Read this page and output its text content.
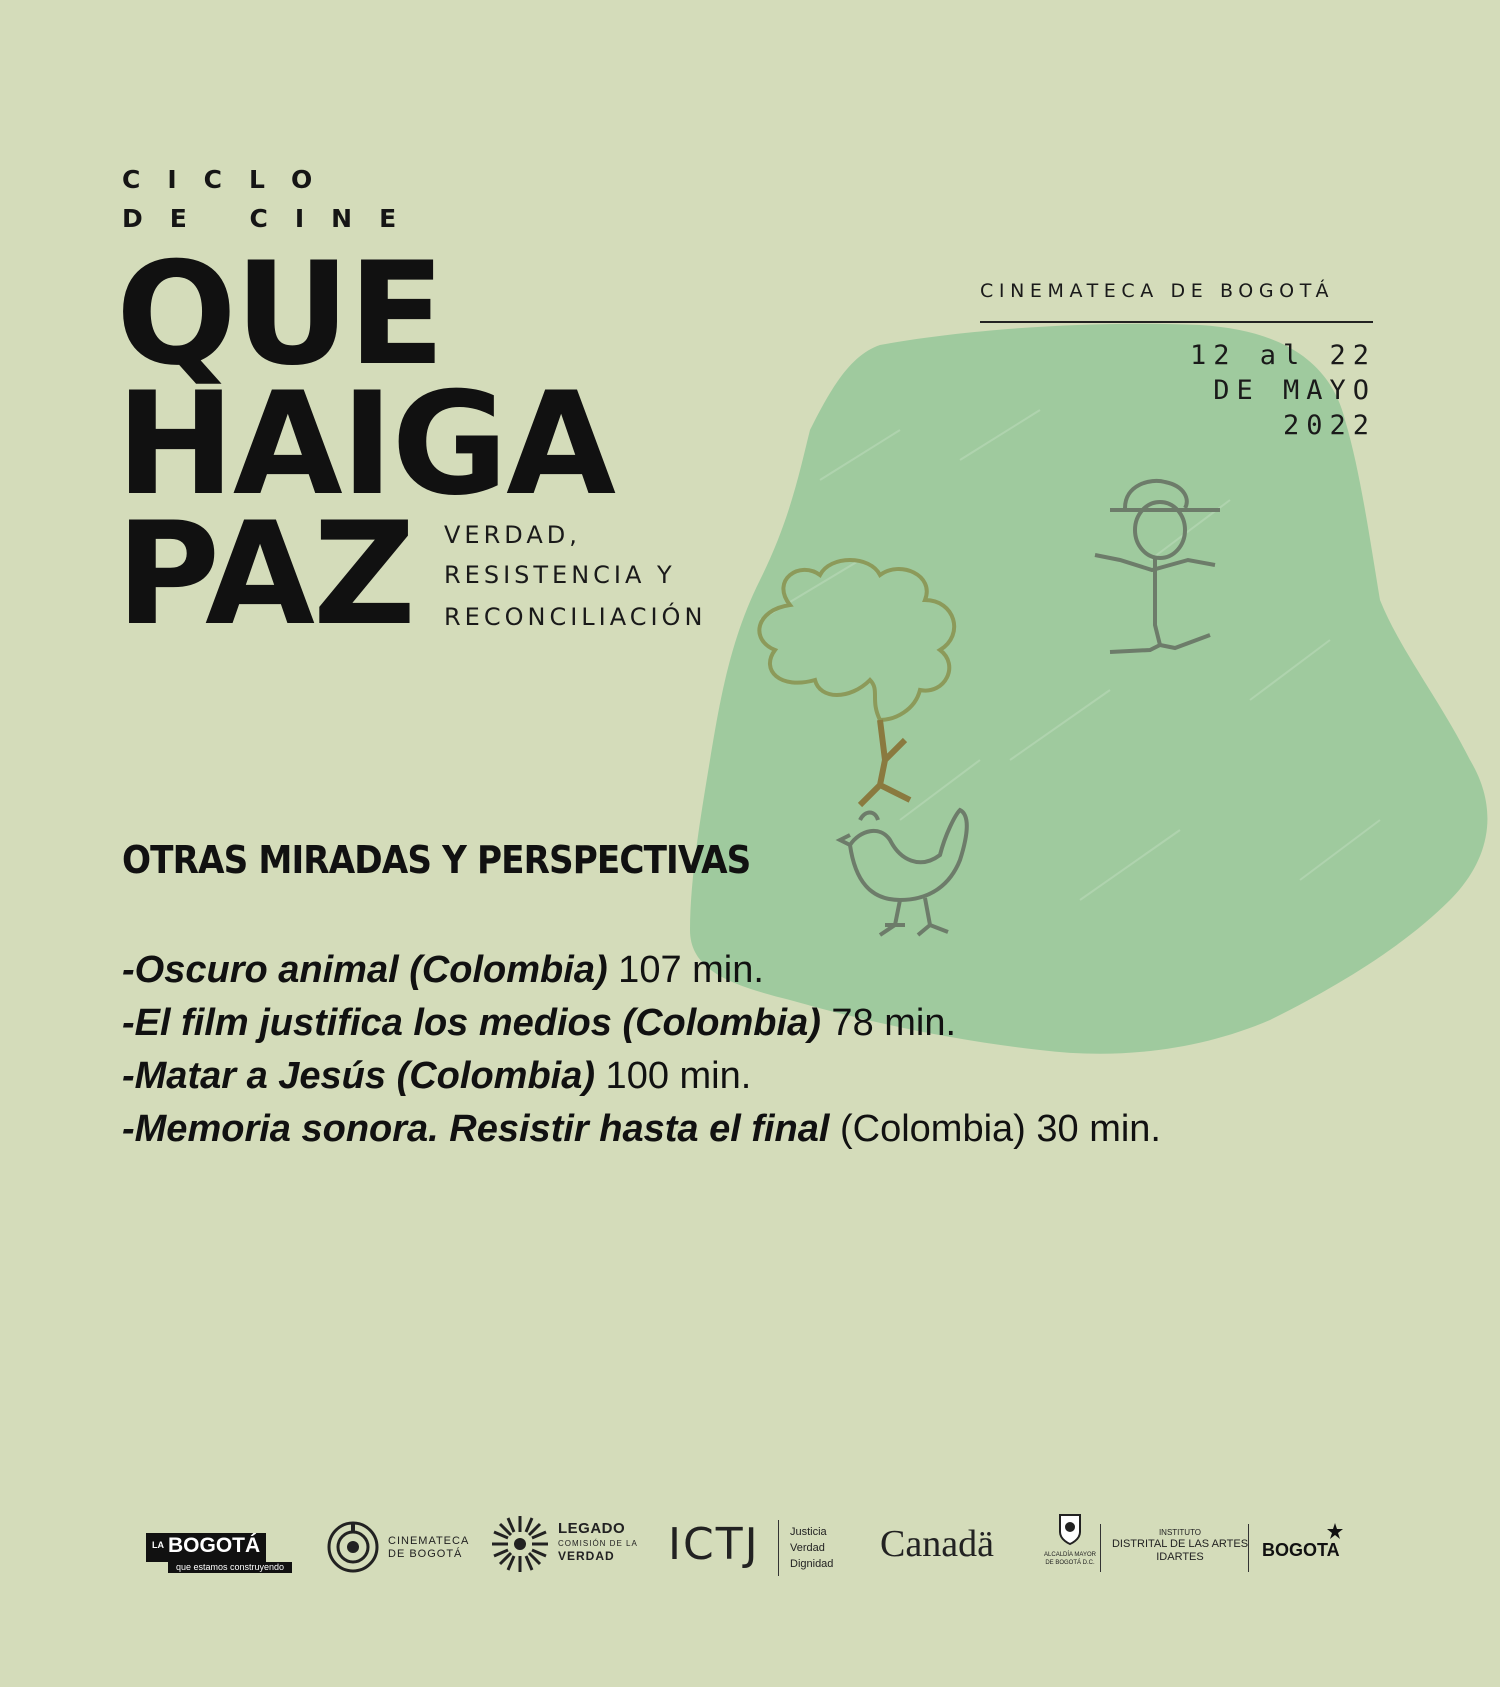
CICLO
DE CINE
QUE
HAIGA
PAZ VERDAD,
RESISTENCIA Y
RECONCILIACIÓN
CINEMATECA DE BOGOTÁ
12 al 22
DE MAYO
2022
OTRAS MIRADAS Y PERSPECTIVAS
-Oscuro animal (Colombia) 107 min.
-El film justifica los medios (Colombia) 78 min.
-Matar a Jesús (Colombia) 100 min.
-Memoria sonora. Resistir hasta el final (Colombia) 30 min.
LA BOGOTÁ
que estamos construyendo
CINEMATECA
DE BOGOTÁ
LEGADO
COMISIÓN DE LA
VERDAD	ICTJ	Justicia
Verdad
Dignidad Canadä	ALCALDÍA MAYOR
DE BOGOTÁ D.C.
INSTITUTO
DISTRITAL DE LAS ARTES
IDARTES	BOGOTA
